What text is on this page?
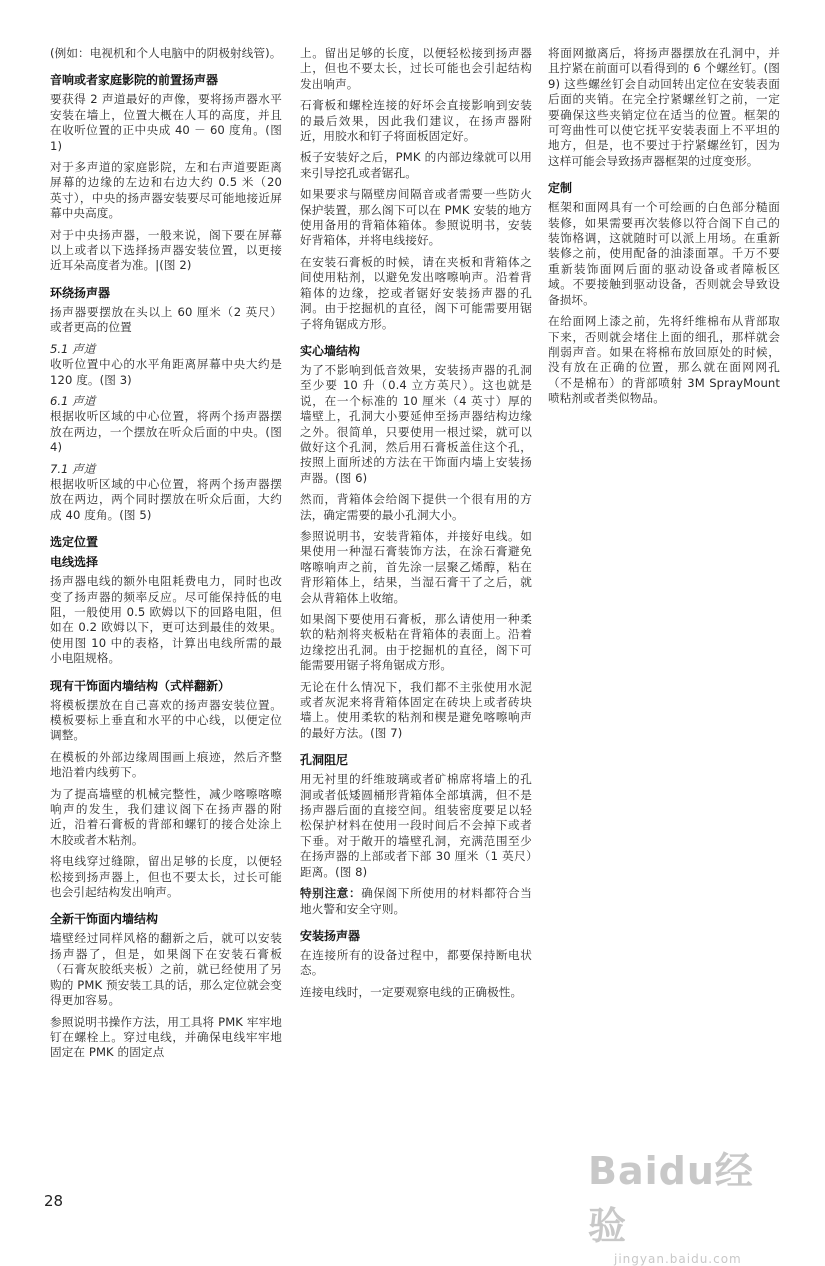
(例如：电视机和个人电脑中的阴极射线管)。

音响或者家庭影院的前置扬声器

要获得 2 声道最好的声像，要将扬声器水平安装在墙上，位置大概在人耳的高度，并且在收听位置的正中央成 40 － 60 度角。(图 1)

对于多声道的家庭影院，左和右声道要距离屏幕的边缘的左边和右边大约 0.5 米（20 英寸），中央的扬声器安装要尽可能地接近屏幕中央高度。

对于中央扬声器，一般来说，阁下要在屏幕以上或者以下选择扬声器安装位置，以更接近耳朵高度者为准。|(图 2)

环绕扬声器

扬声器要摆放在头以上 60 厘米（2 英尺）或者更高的位置

5.1 声道

收听位置中心的水平角距离屏幕中央大约是 120 度。(图 3)

6.1 声道

根据收听区域的中心位置，将两个扬声器摆放在两边，一个摆放在听众后面的中央。(图 4)

7.1 声道

根据收听区域的中心位置，将两个扬声器摆放在两边，两个同时摆放在听众后面，大约成 40 度角。(图 5)

选定位置
电线选择

扬声器电线的额外电阻耗费电力，同时也改变了扬声器的频率反应。尽可能保持低的电阻，一般使用 0.5 欧姆以下的回路电阻，但如在 0.2 欧姆以下，更可达到最佳的效果。使用图 10 中的表格，计算出电线所需的最小电阻规格。

现有干饰面内墙结构（式样翻新）

将模板摆放在自己喜欢的扬声器安装位置。模板要标上垂直和水平的中心线，以便定位调整。

在模板的外部边缘周围画上痕迹，然后齐整地沿着内线剪下。

为了提高墙壁的机械完整性，减少喀嚓喀嚓响声的发生，我们建议阁下在扬声器的附近，沿着石膏板的背部和螺钉的接合处涂上木胶或者木粘剂。

将电线穿过缝隙，留出足够的长度，以便轻松接到扬声器上，但也不要太长，过长可能也会引起结构发出响声。

全新干饰面内墙结构

墙壁经过同样风格的翻新之后，就可以安装扬声器了，但是，如果阁下在安装石膏板（石膏灰胶纸夹板）之前，就已经使用了另购的 PMK 预安装工具的话，那么定位就会变得更加容易。

参照说明书操作方法，用工具将 PMK 牢牢地钉在螺栓上。穿过电线，并确保电线牢牢地固定在 PMK 的固定点

上。留出足够的长度，以便轻松接到扬声器上，但也不要太长，过长可能也会引起结构发出响声。

石膏板和螺栓连接的好坏会直接影响到安装的最后效果，因此我们建议，在扬声器附近，用胶水和钉子将面板固定好。

板子安装好之后，PMK 的内部边缘就可以用来引导挖孔或者锯孔。

如果要求与隔壁房间隔音或者需要一些防火保护装置，那么阁下可以在 PMK 安装的地方使用备用的背箱体箱体。参照说明书，安装好背箱体，并将电线接好。

在安装石膏板的时候，请在夹板和背箱体之间使用粘剂，以避免发出喀嚓响声。沿着背箱体的边缘，挖或者锯好安装扬声器的孔洞。由于挖掘机的直径，阁下可能需要用锯子将角锯成方形。

实心墙结构

为了不影响到低音效果，安装扬声器的孔洞至少要 10 升（0.4 立方英尺）。这也就是说，在一个标准的 10 厘米（4 英寸）厚的墙壁上，孔洞大小要延伸至扬声器结构边缘之外。很简单，只要使用一根过梁，就可以做好这个孔洞，然后用石膏板盖住这个孔，按照上面所述的方法在干饰面内墙上安装扬声器。(图 6)

然而，背箱体会给阁下提供一个很有用的方法，确定需要的最小孔洞大小。

参照说明书，安装背箱体，并接好电线。如果使用一种湿石膏装饰方法，在涂石膏避免喀嚓响声之前，首先涂一层聚乙烯醇，粘在背形箱体上，结果，当湿石膏干了之后，就会从背箱体上收缩。

如果阁下要使用石膏板，那么请使用一种柔软的粘剂将夹板粘在背箱体的表面上。沿着边缘挖出孔洞。由于挖掘机的直径，阁下可能需要用锯子将角锯成方形。

无论在什么情况下，我们都不主张使用水泥或者灰泥来将背箱体固定在砖块上或者砖块墙上。使用柔软的粘剂和楔是避免喀嚓响声的最好方法。(图 7)

孔洞阻尼

用无衬里的纤维玻璃或者矿棉席将墙上的孔洞或者低矮圆桶形背箱体全部填满，但不是扬声器后面的直接空间。组装密度要足以轻松保护材料在使用一段时间后不会掉下或者下垂。对于敞开的墙壁孔洞，充满范围至少在扬声器的上部或者下部 30 厘米（1 英尺）距离。(图 8)

特别注意：确保阁下所使用的材料都符合当地火警和安全守则。

安装扬声器

在连接所有的设备过程中，都要保持断电状态。

连接电线时，一定要观察电线的正确极性。

将面网撤离后，将扬声器摆放在孔洞中，并且拧紧在前面可以看得到的 6 个螺丝钉。(图 9) 这些螺丝钉会自动回转出定位在安装表面后面的夹销。在完全拧紧螺丝钉之前，一定要确保这些夹销定位在适当的位置。框架的可弯曲性可以使它抚平安装表面上不平坦的地方，但是，也不要过于拧紧螺丝钉，因为这样可能会导致扬声器框架的过度变形。

定制

框架和面网具有一个可绘画的白色部分糙面装修，如果需要再次装修以符合阁下自己的装饰格调，这就随时可以派上用场。在重新装修之前，使用配备的油漆面罩。千万不要重新装饰面网后面的驱动设备或者障板区域。不要接触到驱动设备，否则就会导致设备损坏。

在给面网上漆之前，先将纤维棉布从背部取下来，否则就会堵住上面的细孔，那样就会削弱声音。如果在将棉布放回原处的时候，没有放在正确的位置，那么就在面网网孔（不是棉布）的背部喷射 3M SprayMount 喷粘剂或者类似物品。

28
Baidu经验
jingyan.baidu.com
